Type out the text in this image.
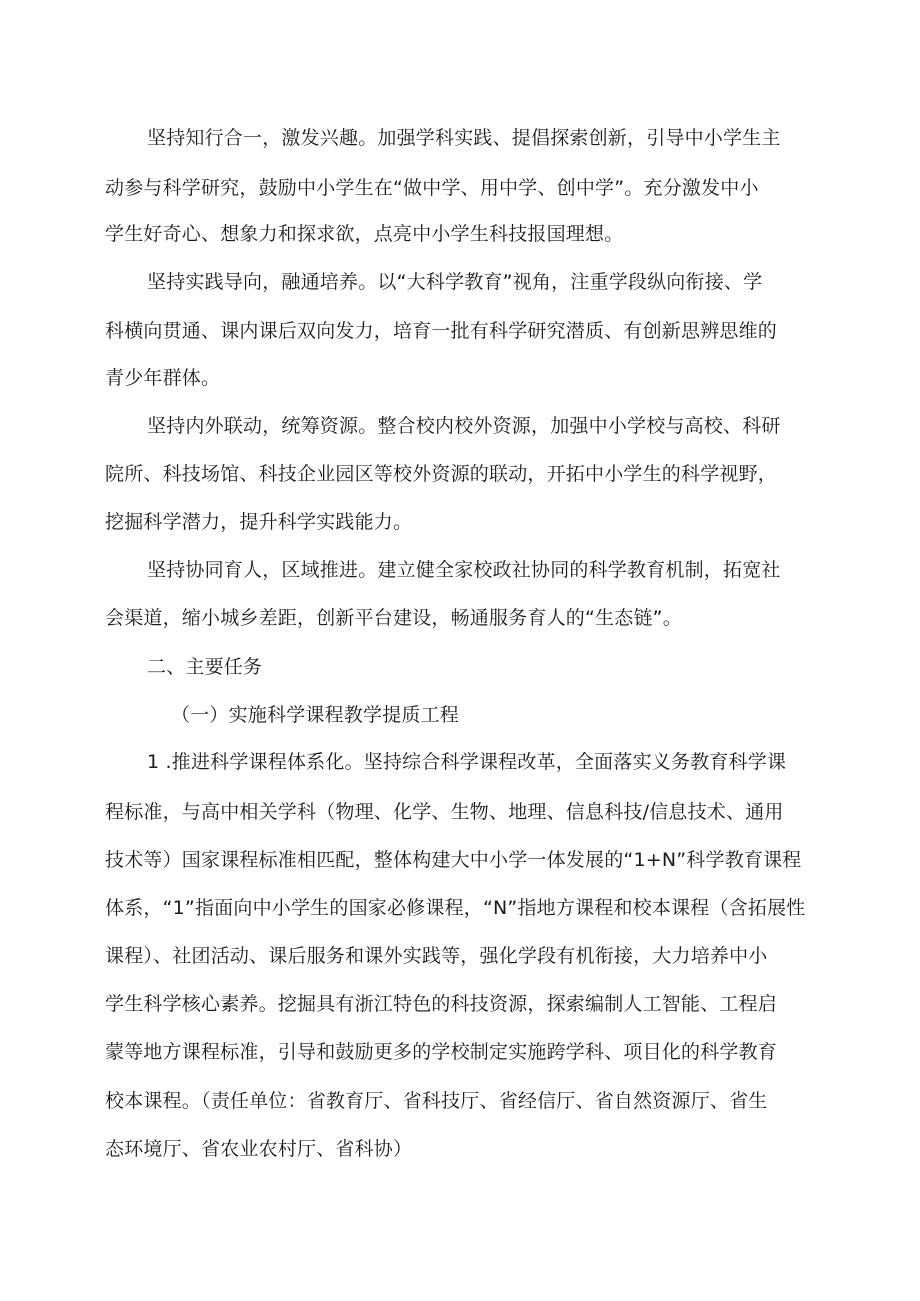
坚持知行合一，激发兴趣。加强学科实践、提倡探索创新，引导中小学生主
动参与科学研究，鼓励中小学生在“做中学、用中学、创中学”。充分激发中小
学生好奇心、想象力和探求欲，点亮中小学生科技报国理想。
坚持实践导向，融通培养。以“大科学教育”视角，注重学段纵向衔接、学
科横向贯通、课内课后双向发力，培育一批有科学研究潜质、有创新思辨思维的
青少年群体。
坚持内外联动，统筹资源。整合校内校外资源，加强中小学校与高校、科研
院所、科技场馆、科技企业园区等校外资源的联动，开拓中小学生的科学视野，
挖掘科学潜力，提升科学实践能力。
坚持协同育人，区域推进。建立健全家校政社协同的科学教育机制，拓宽社
会渠道，缩小城乡差距，创新平台建设，畅通服务育人的“生态链”。
二、主要任务
（一）实施科学课程教学提质工程
1 .推进科学课程体系化。坚持综合科学课程改革，全面落实义务教育科学课
程标准，与高中相关学科（物理、化学、生物、地理、信息科技/信息技术、通用
技术等）国家课程标准相匹配，整体构建大中小学一体发展的“1+N”科学教育课程
体系，“1”指面向中小学生的国家必修课程，“N”指地方课程和校本课程（含拓展性
课程）、社团活动、课后服务和课外实践等，强化学段有机衔接，大力培养中小
学生科学核心素养。挖掘具有浙江特色的科技资源，探索编制人工智能、工程启
蒙等地方课程标准，引导和鼓励更多的学校制定实施跨学科、项目化的科学教育
校本课程。（责任单位：省教育厅、省科技厅、省经信厅、省自然资源厅、省生
态环境厅、省农业农村厅、省科协）
